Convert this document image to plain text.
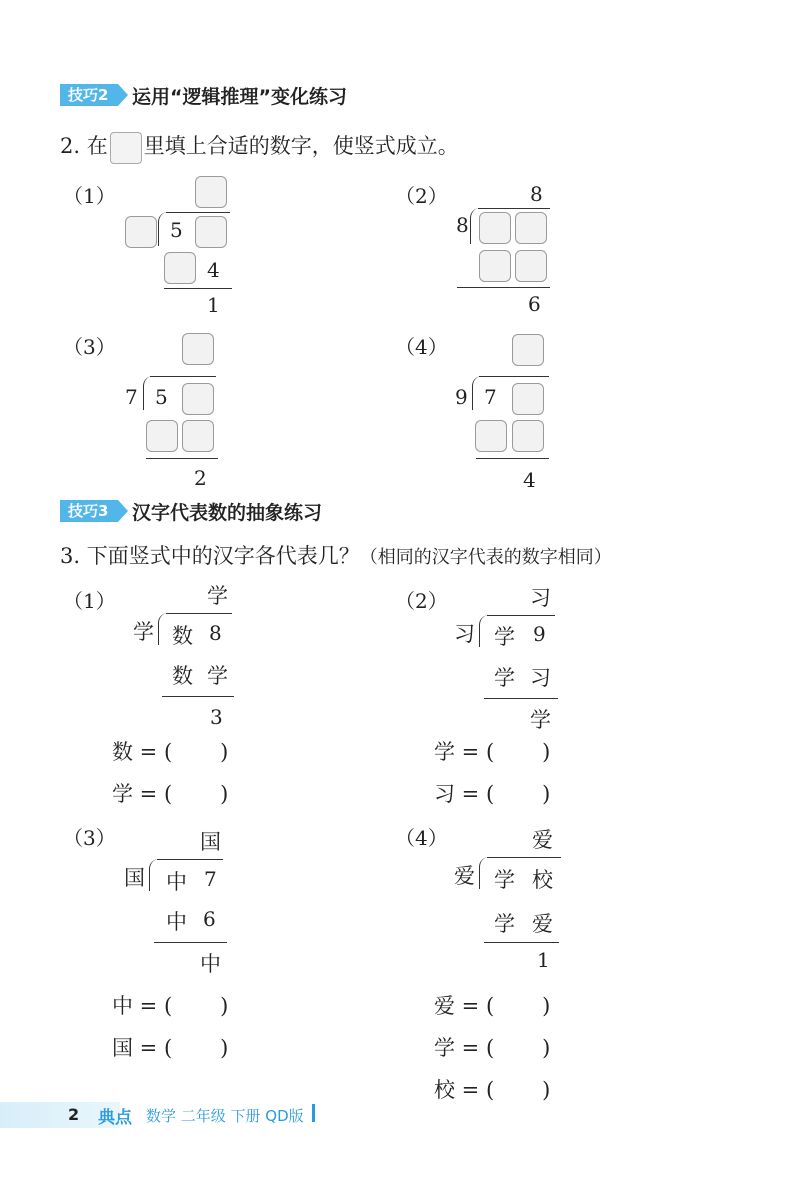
技巧2	运用“逻辑推理”变化练习
2. 在 里填上合适的数字，使竖式成立。
（1）
5
4
1
（2）	8
8
6
（3）
7 5
2
（4）
9 7
4
技巧3	汉字代表数的抽象练习
3. 下面竖式中的汉字各代表几？（相同的汉字代表的数字相同）
（1）	学
学 数 8
数 学
3
数 = ( )
学 = ( )
（2）	习
习 学 9
学 习
学
学 = ( )
习 = ( )
（3）	国
国 中 7
中 6
中
中 = ( )
国 = ( )
（4）	爱
爱 学 校
学 爱
1
爱 = ( )
学 = ( )
校 = ( )
2 典点 数学 二年级 下册 QD版
